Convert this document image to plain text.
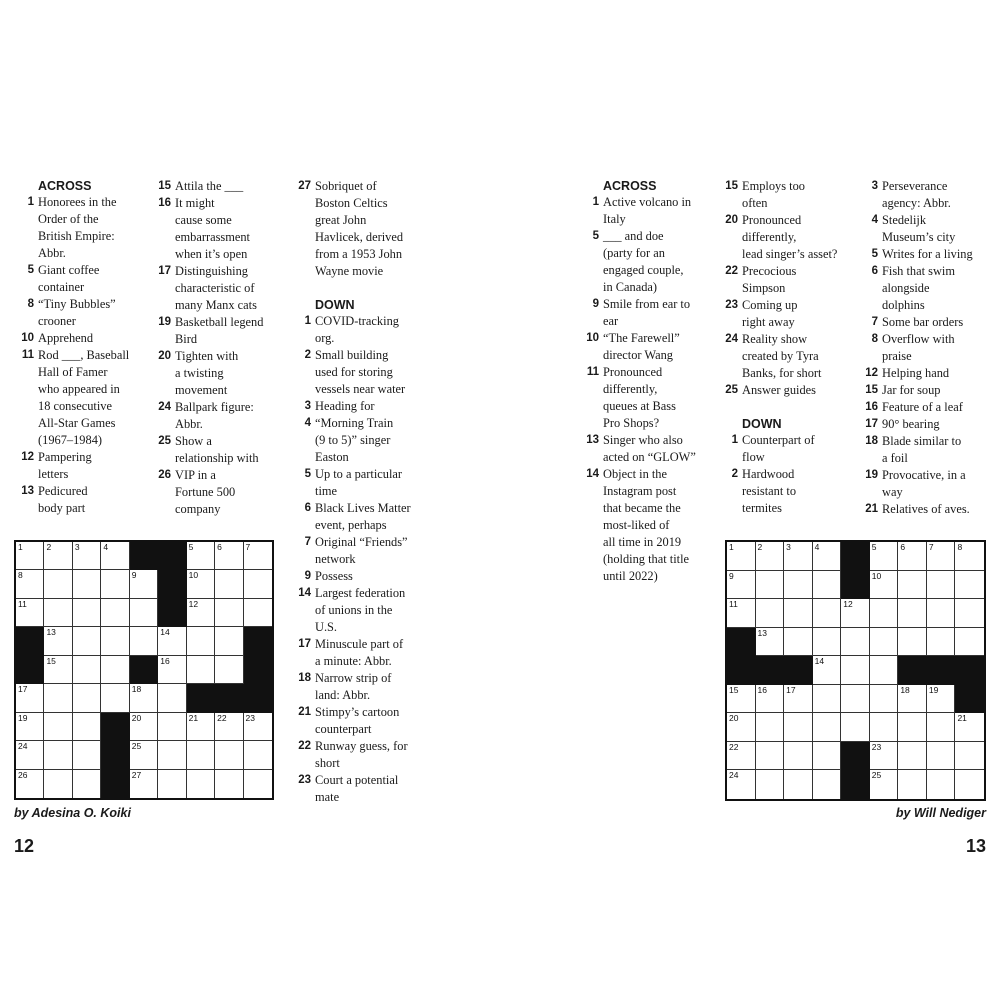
ACROSS
1 Honorees in the
Order of the
British Empire:
Abbr.
5 Giant coffee
container
8 “Tiny Bubbles”
crooner
10 Apprehend
11 Rod ___, Baseball
Hall of Famer
who appeared in
18 consecutive
All-Star Games
(1967–1984)
12 Pampering
letters
13 Pedicured
body part
15 Attila the ___
16 It might
cause some
embarrassment
when it’s open
17 Distinguishing
characteristic of
many Manx cats
19 Basketball legend
Bird
20 Tighten with
a twisting
movement
24 Ballpark figure:
Abbr.
25 Show a
relationship with
26 VIP in a
Fortune 500
company
27 Sobriquet of
Boston Celtics
great John
Havlicek, derived
from a 1953 John
Wayne movie
DOWN
1 COVID-tracking
org.
2 Small building
used for storing
vessels near water
3 Heading for
4 “Morning Train
(9 to 5)” singer
Easton
5 Up to a particular
time
6 Black Lives Matter
event, perhaps
7 Original “Friends”
network
9 Possess
14 Largest federation
of unions in the
U.S.
17 Minuscule part of
a minute: Abbr.
18 Narrow strip of
land: Abbr.
21 Stimpy’s cartoon
counterpart
22 Runway guess, for
short
23 Court a potential
mate
1	2	3	4	5	6	7
8	9	10
11	12
13	14
15	16
17	18
19	20	21 22 23
24	25
26	27
by Adesina O. Koiki
12
ACROSS
1 Active volcano in
Italy
5 ___ and doe
(party for an
engaged couple,
in Canada)
9 Smile from ear to
ear
10 “The Farewell”
director Wang
11 Pronounced
differently,
queues at Bass
Pro Shops?
13 Singer who also
acted on “GLOW”
14 Object in the
Instagram post
that became the
most-liked of
all time in 2019
(holding that title
until 2022)
15 Employs too
often
20 Pronounced
differently,
lead singer’s asset?
22 Precocious
Simpson
23 Coming up
right away
24 Reality show
created by Tyra
Banks, for short
25 Answer guides
DOWN
1 Counterpart of
flow
2 Hardwood
resistant to
termites
3 Perseverance
agency: Abbr.
4 Stedelijk
Museum’s city
5 Writes for a living
6 Fish that swim
alongside
dolphins
7 Some bar orders
8 Overflow with
praise
12 Helping hand
15 Jar for soup
16 Feature of a leaf
17 90° bearing
18 Blade similar to
a foil
19 Provocative, in a
way
21 Relatives of aves.
1	2	3	4	5	6	7	8
9	10
11	12
13
14
15 16 17	18 19
20	21
22	23
24	25
by Will Nediger
13
